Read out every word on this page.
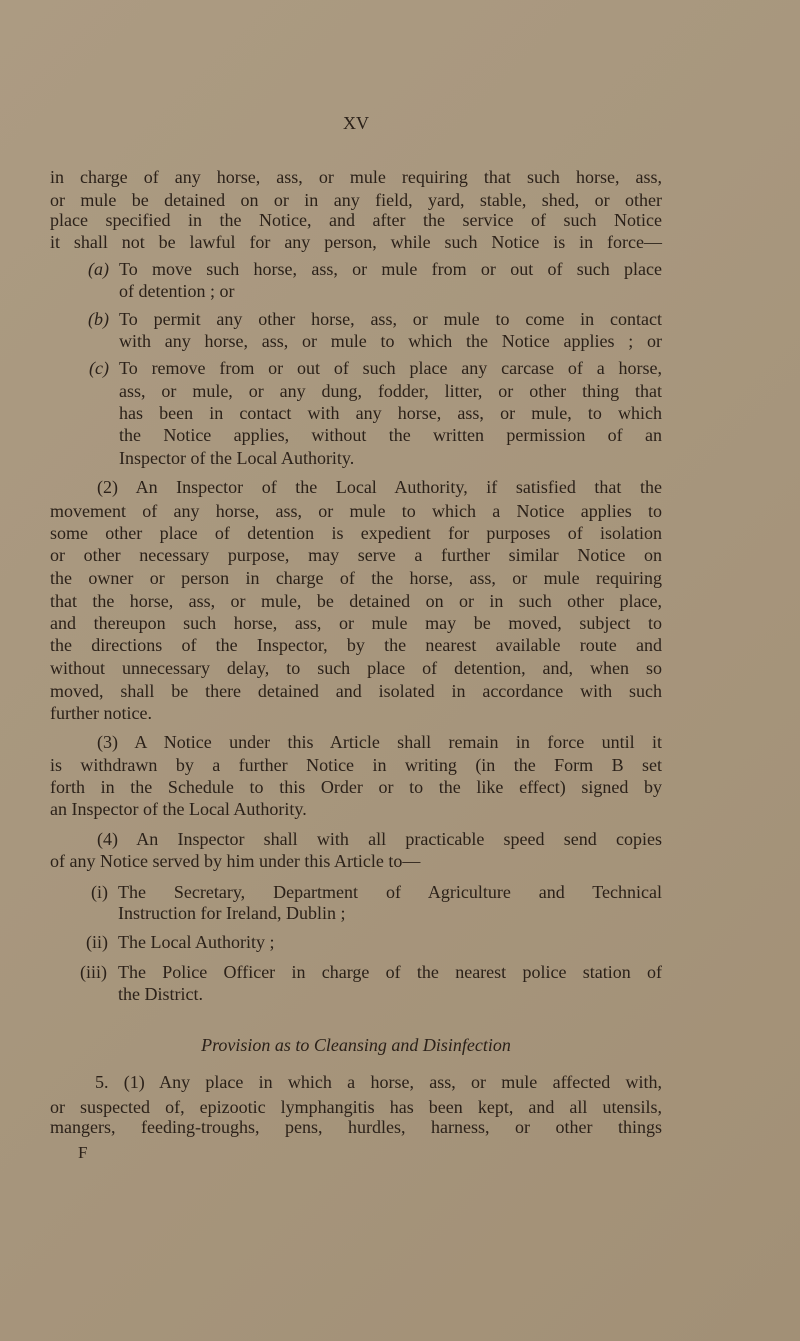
XV
in charge of any horse, ass, or mule requiring that such horse, ass,
or mule be detained on or in any field, yard, stable, shed, or other
place specified in the Notice, and after the service of such Notice
it shall not be lawful for any person, while such Notice is in force—
(a) To move such horse, ass, or mule from or out of such place
of detention ; or
(b) To permit any other horse, ass, or mule to come in contact
with any horse, ass, or mule to which the Notice applies ; or
(c) To remove from or out of such place any carcase of a horse,
ass, or mule, or any dung, fodder, litter, or other thing that
has been in contact with any horse, ass, or mule, to which
the Notice applies, without the written permission of an
Inspector of the Local Authority.
(2) An Inspector of the Local Authority, if satisfied that the
movement of any horse, ass, or mule to which a Notice applies to
some other place of detention is expedient for purposes of isolation
or other necessary purpose, may serve a further similar Notice on
the owner or person in charge of the horse, ass, or mule requiring
that the horse, ass, or mule, be detained on or in such other place,
and thereupon such horse, ass, or mule may be moved, subject to
the directions of the Inspector, by the nearest available route and
without unnecessary delay, to such place of detention, and, when so
moved, shall be there detained and isolated in accordance with such
further notice.
(3) A Notice under this Article shall remain in force until it
is withdrawn by a further Notice in writing (in the Form B set
forth in the Schedule to this Order or to the like effect) signed by
an Inspector of the Local Authority.
(4) An Inspector shall with all practicable speed send copies
of any Notice served by him under this Article to—
(i) The Secretary, Department of Agriculture and Technical
Instruction for Ireland, Dublin ;
(ii) The Local Authority ;
(iii) The Police Officer in charge of the nearest police station of
the District.
Provision as to Cleansing and Disinfection
5. (1) Any place in which a horse, ass, or mule affected with,
or suspected of, epizootic lymphangitis has been kept, and all utensils,
mangers, feeding-troughs, pens, hurdles, harness, or other things
F
